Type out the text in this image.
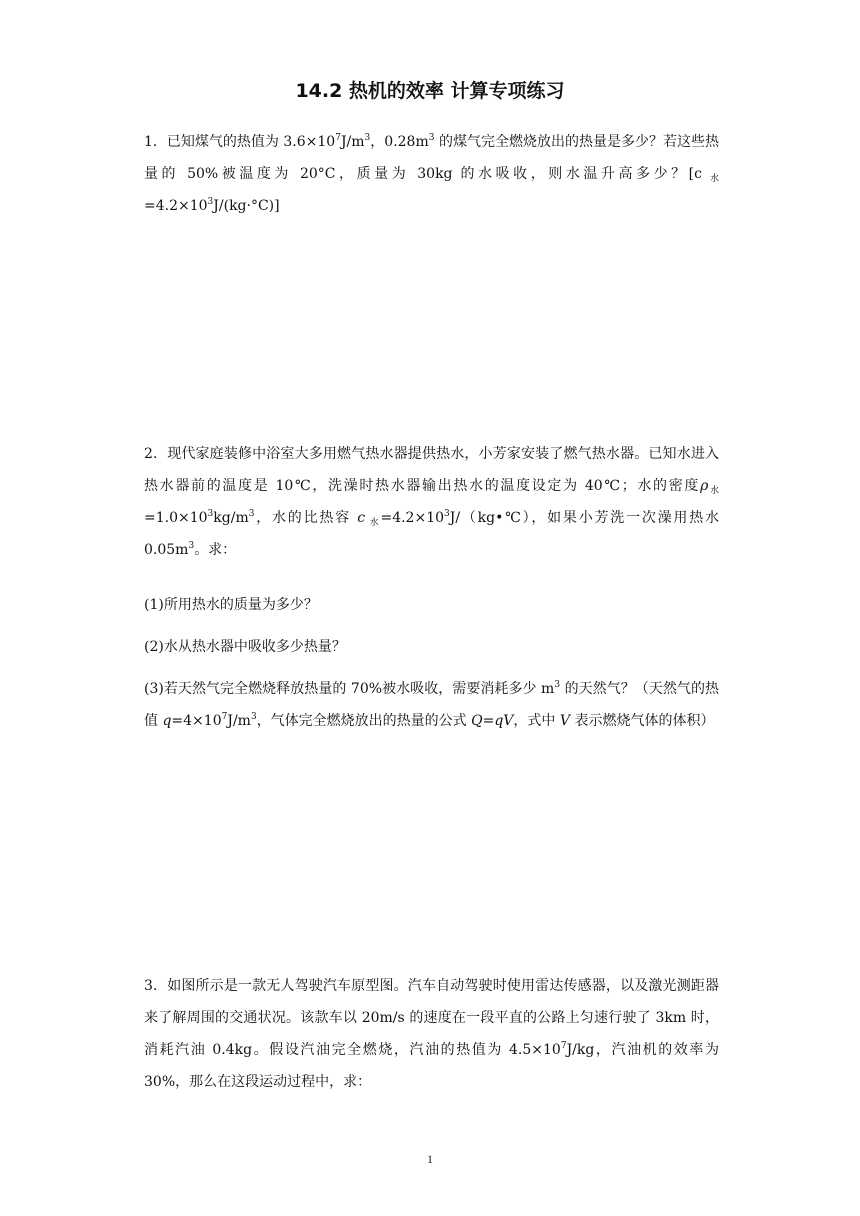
14.2 热机的效率 计算专项练习

1．已知煤气的热值为 $3.6\times 10^7J/m^3$，$0.28m^3$ 的煤气完全燃烧放出的热量是多少？若这些热量的 50%被温度为 20°C，质量为 30kg 的水吸收，则水温升高多少？[c $_水=4.2\times 10^3J/(kg\cdot^\circ C)$]

2．现代家庭装修中浴室大多用燃气热水器提供热水，小芳家安装了燃气热水器。已知水进入热水器前的温度是 10℃，洗澡时热水器输出热水的温度设定为 40℃；水的密度$\rho_水=1.0\times 10^3kg/m^3$，水的比热容 c $_水=4.2\times 10^3J/(kg•℃)$，如果小芳洗一次澡用热水 $0.05m^3$。求：

(1)所用热水的质量为多少？

(2)水从热水器中吸收多少热量？

(3)若天然气完全燃烧释放热量的 70%被水吸收，需要消耗多少 $m^3$ 的天然气？（天然气的热值 $q=4\times 10^7J/m^3$，气体完全燃烧放出的热量的公式 Q=qV，式中 V 表示燃烧气体的体积）

3．如图所示是一款无人驾驶汽车原型图。汽车自动驾驶时使用雷达传感器，以及激光测距器来了解周围的交通状况。该款车以 20m/s 的速度在一段平直的公路上匀速行驶了 3km 时，消耗汽油 0.4kg。假设汽油完全燃烧，汽油的热值为 $4.5\times 10^7J/kg$，汽油机的效率为 30%，那么在这段运动过程中，求：

1
